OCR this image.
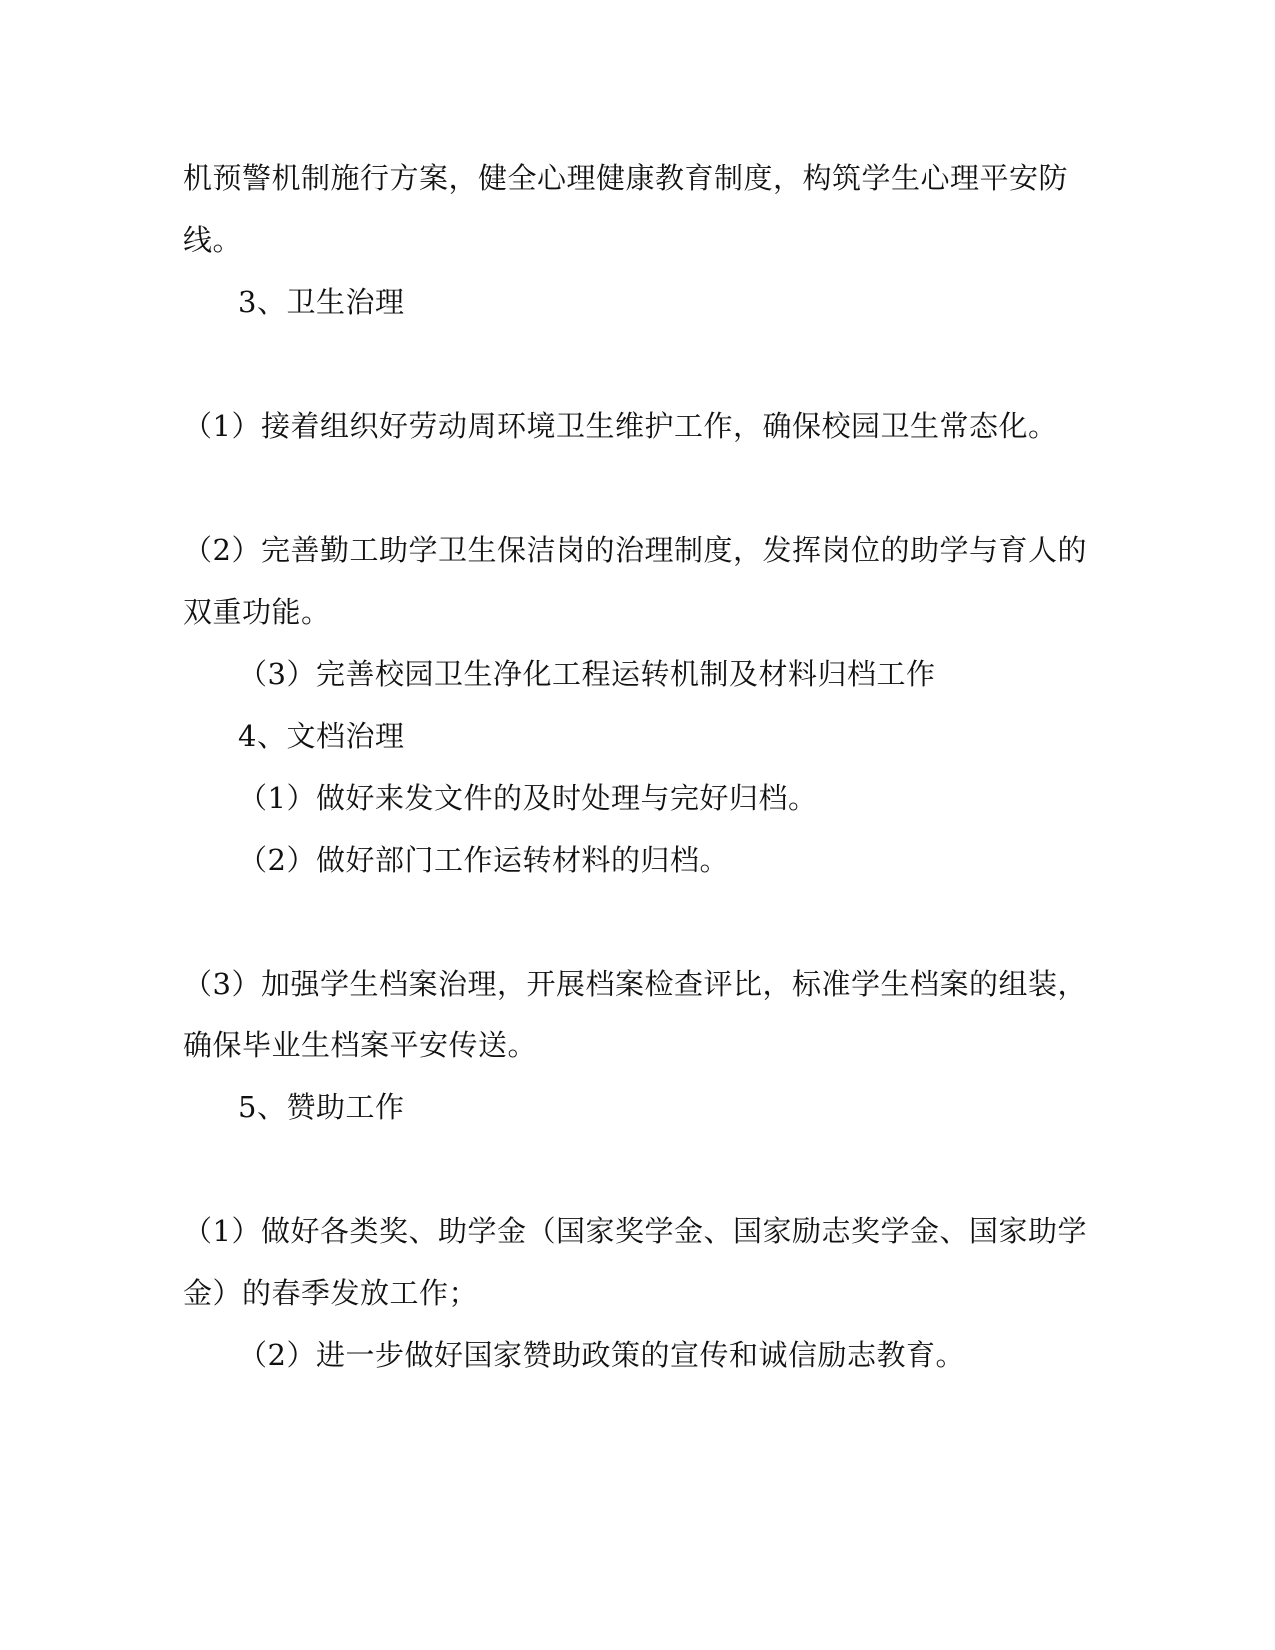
机预警机制施行方案，健全心理健康教育制度，构筑学生心理平安防
线。
3、卫生治理
（1）接着组织好劳动周环境卫生维护工作，确保校园卫生常态化。
（2）完善勤工助学卫生保洁岗的治理制度，发挥岗位的助学与育人的
双重功能。
（3）完善校园卫生净化工程运转机制及材料归档工作
4、文档治理
（1）做好来发文件的及时处理与完好归档。
（2）做好部门工作运转材料的归档。
（3）加强学生档案治理，开展档案检查评比，标准学生档案的组装，
确保毕业生档案平安传送。
5、赞助工作
（1）做好各类奖、助学金（国家奖学金、国家励志奖学金、国家助学
金）的春季发放工作；
（2）进一步做好国家赞助政策的宣传和诚信励志教育。
